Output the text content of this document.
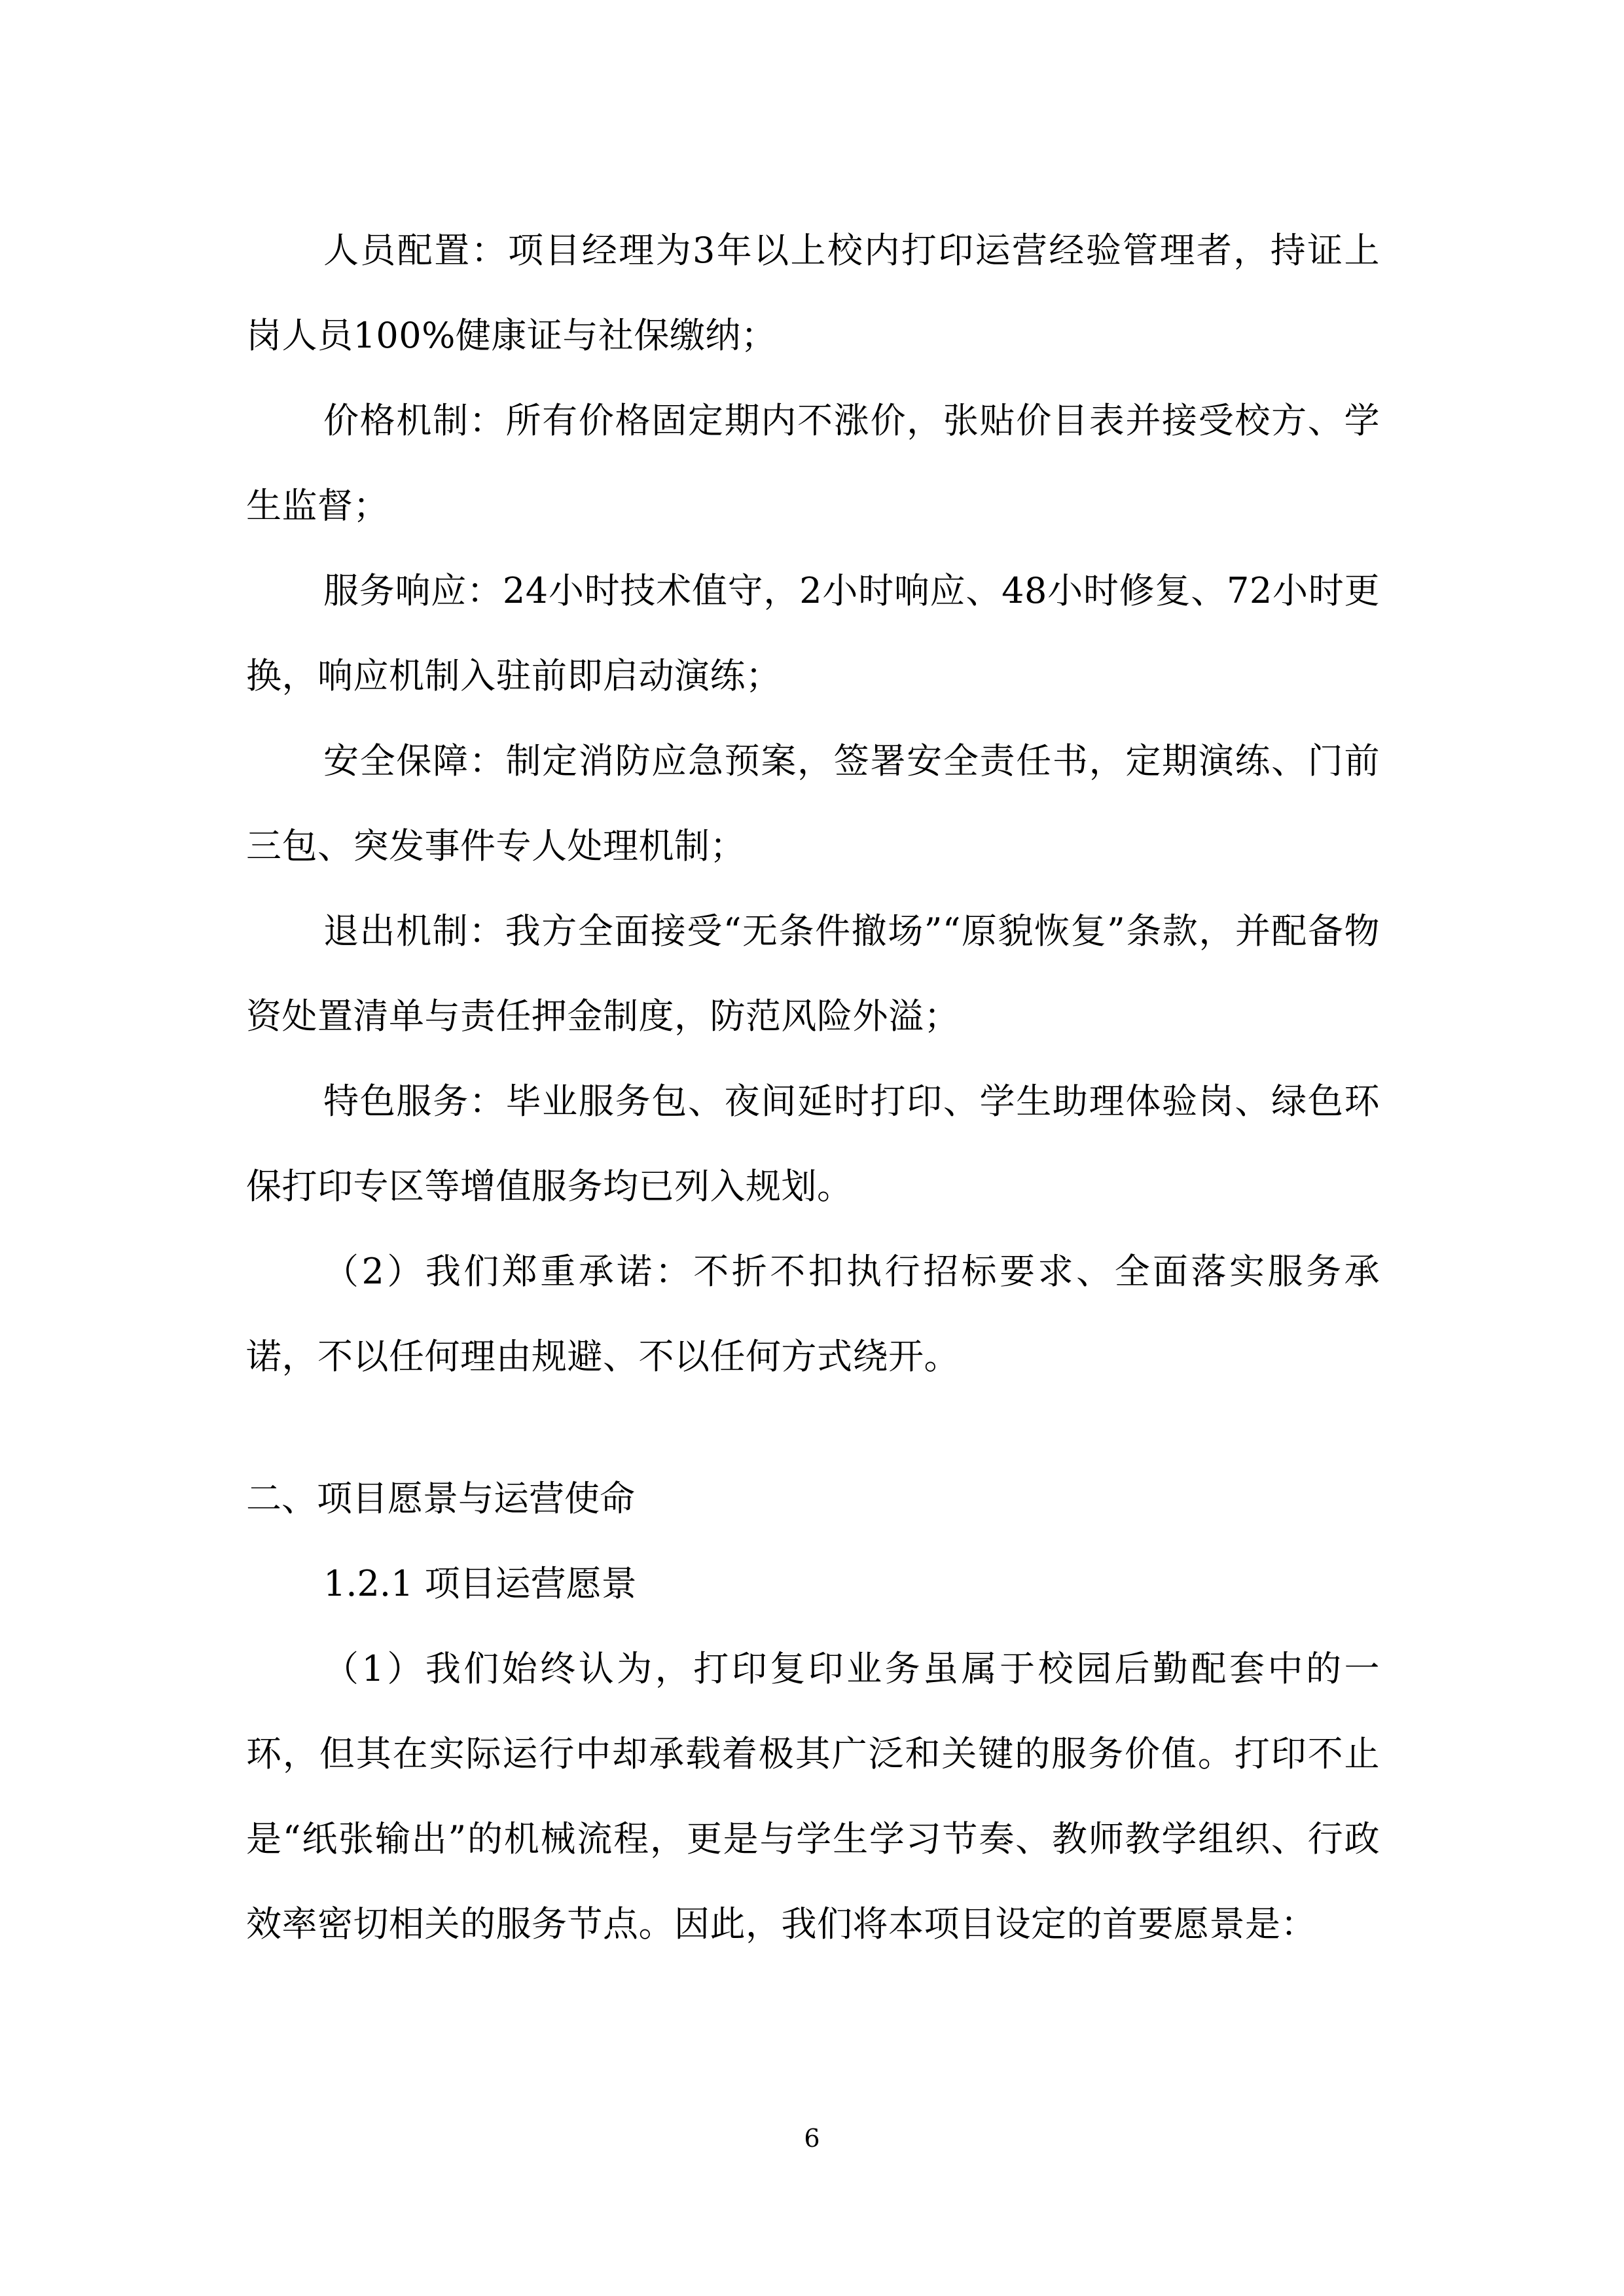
人员配置：项目经理为3年以上校内打印运营经验管理者，持证上岗人员100%健康证与社保缴纳；

价格机制：所有价格固定期内不涨价，张贴价目表并接受校方、学生监督；

服务响应：24小时技术值守，2小时响应、48小时修复、72小时更换，响应机制入驻前即启动演练；

安全保障：制定消防应急预案，签署安全责任书，定期演练、门前三包、突发事件专人处理机制；

退出机制：我方全面接受“无条件撤场”“原貌恢复”条款，并配备物资处置清单与责任押金制度，防范风险外溢；

特色服务：毕业服务包、夜间延时打印、学生助理体验岗、绿色环保打印专区等增值服务均已列入规划。

（2）我们郑重承诺：不折不扣执行招标要求、全面落实服务承诺，不以任何理由规避、不以任何方式绕开。

二、项目愿景与运营使命

1.2.1 项目运营愿景

（1）我们始终认为，打印复印业务虽属于校园后勤配套中的一环，但其在实际运行中却承载着极其广泛和关键的服务价值。打印不止是“纸张输出”的机械流程，更是与学生学习节奏、教师教学组织、行政效率密切相关的服务节点。因此，我们将本项目设定的首要愿景是：

6
